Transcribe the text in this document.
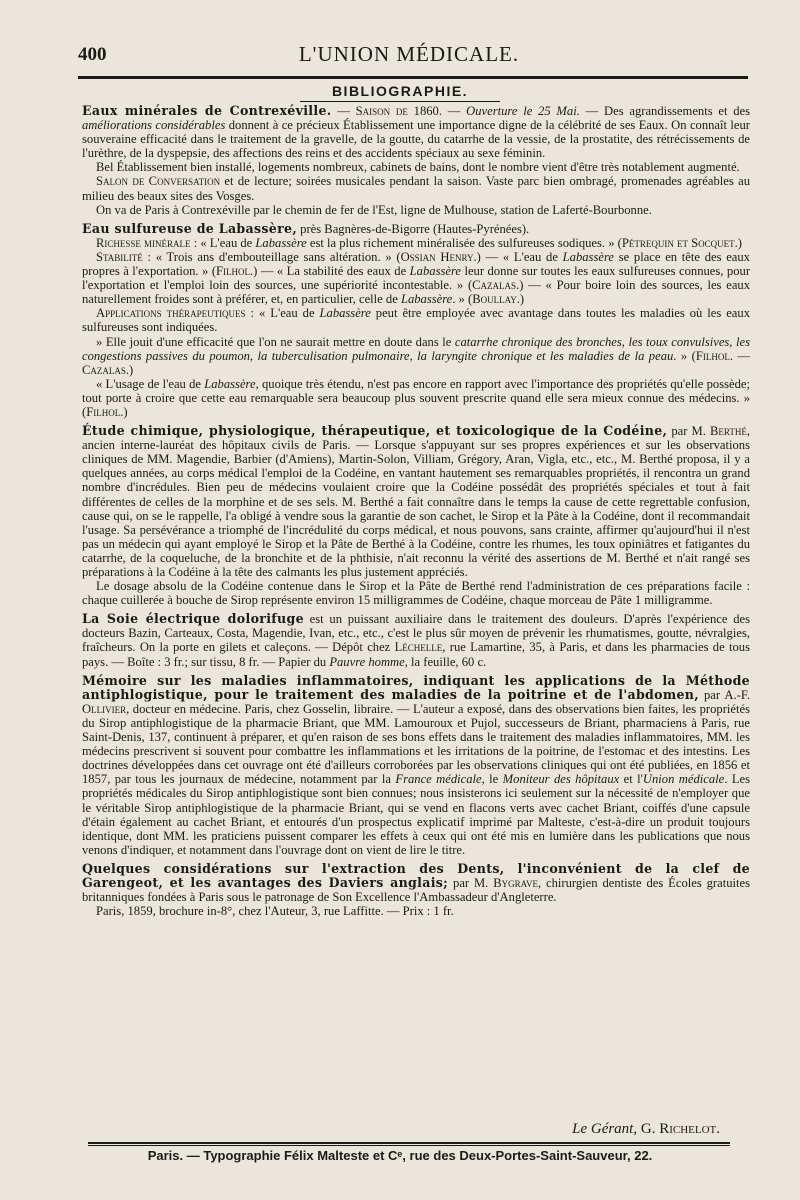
400	L'UNION MÉDICALE.
BIBLIOGRAPHIE.

Eaux minérales de Contrexéville. — Saison de 1860. — Ouverture le 25 Mai. — Des agrandissements et des améliorations considérables donnent à ce précieux Établissement une importance digne de la célébrité de ses Eaux. On connaît leur souveraine efficacité dans le traitement de la gravelle, de la goutte, du catarrhe de la vessie, de la prostatite, des rétrécissements de l'urèthre, de la dyspepsie, des affections des reins et des accidents spéciaux au sexe féminin.

Bel Établissement bien installé, logements nombreux, cabinets de bains, dont le nombre vient d'être très notablement augmenté.

Salon de Conversation et de lecture; soirées musicales pendant la saison. Vaste parc bien ombragé, promenades agréables au milieu des beaux sites des Vosges.

On va de Paris à Contrexéville par le chemin de fer de l'Est, ligne de Mulhouse, station de Laferté-Bourbonne.

Eau sulfureuse de Labassère, près Bagnères-de-Bigorre (Hautes-Pyrénées).

Richesse minérale : « L'eau de Labassère est la plus richement minéralisée des sulfureuses sodiques. » (Pétrequin et Socquet.)

Stabilité : « Trois ans d'embouteillage sans altération. » (Ossian Henry.) — « L'eau de Labassère se place en tête des eaux propres à l'exportation. » (Filhol.) — « La stabilité des eaux de Labassère leur donne sur toutes les eaux sulfureuses connues, pour l'exportation et l'emploi loin des sources, une supériorité incontestable. » (Cazalas.) — « Pour boire loin des sources, les eaux naturellement froides sont à préférer, et, en particulier, celle de Labassère. » (Boullay.)

Applications thérapeutiques : « L'eau de Labassère peut être employée avec avantage dans toutes les maladies où les eaux sulfureuses sont indiquées.

» Elle jouit d'une efficacité que l'on ne saurait mettre en doute dans le catarrhe chronique des bronches, les toux convulsives, les congestions passives du poumon, la tuberculisation pulmonaire, la laryngite chronique et les maladies de la peau. » (Filhol. — Cazalas.)

« L'usage de l'eau de Labassère, quoique très étendu, n'est pas encore en rapport avec l'importance des propriétés qu'elle possède; tout porte à croire que cette eau remarquable sera beaucoup plus souvent prescrite quand elle sera mieux connue des médecins. » (Filhol.)

Étude chimique, physiologique, thérapeutique, et toxicologique de la Codéine, par M. Berthé, ancien interne-lauréat des hôpitaux civils de Paris. — Lorsque s'appuyant sur ses propres expériences et sur les observations cliniques de MM. Magendie, Barbier (d'Amiens), Martin-Solon, Villiam, Grégory, Aran, Vigla, etc., etc., M. Berthé proposa, il y a quelques années, au corps médical l'emploi de la Codéine, en vantant hautement ses remarquables propriétés, il rencontra un grand nombre d'incrédules. Bien peu de médecins voulaient croire que la Codéine possédât des propriétés spéciales et tout à fait différentes de celles de la morphine et de ses sels. M. Berthé a fait connaître dans le temps la cause de cette regrettable confusion, cause qui, on se le rappelle, l'a obligé à vendre sous la garantie de son cachet, le Sirop et la Pâte à la Codéine, dont il recommandait l'usage. Sa persévérance a triomphé de l'incrédulité du corps médical, et nous pouvons, sans crainte, affirmer qu'aujourd'hui il n'est pas un médecin qui ayant employé le Sirop et la Pâte de Berthé à la Codéine, contre les rhumes, les toux opiniâtres et fatigantes du catarrhe, de la coqueluche, de la bronchite et de la phthisie, n'ait reconnu la vérité des assertions de M. Berthé et n'ait rangé ses préparations à la Codéine à la tête des calmants les plus justement appréciés.

Le dosage absolu de la Codéine contenue dans le Sirop et la Pâte de Berthé rend l'administration de ces préparations facile : chaque cuillerée à bouche de Sirop représente environ 15 milligrammes de Codéine, chaque morceau de Pâte 1 milligramme.

La Soie électrique dolorifuge est un puissant auxiliaire dans le traitement des douleurs. D'après l'expérience des docteurs Bazin, Carteaux, Costa, Magendie, Ivan, etc., etc., c'est le plus sûr moyen de prévenir les rhumatismes, goutte, névralgies, fraîcheurs. On la porte en gilets et caleçons. — Dépôt chez Léchelle, rue Lamartine, 35, à Paris, et dans les pharmacies de tous pays. — Boîte : 3 fr.; sur tissu, 8 fr. — Papier du Pauvre homme, la feuille, 60 c.

Mémoire sur les maladies inflammatoires, indiquant les applications de la Méthode antiphlogistique, pour le traitement des maladies de la poitrine et de l'abdomen, par A.-F. Ollivier, docteur en médecine. Paris, chez Gosselin, libraire. — L'auteur a exposé, dans des observations bien faites, les propriétés du Sirop antiphlogistique de la pharmacie Briant, que MM. Lamouroux et Pujol, successeurs de Briant, pharmaciens à Paris, rue Saint-Denis, 137, continuent à préparer, et qu'en raison de ses bons effets dans le traitement des maladies inflammatoires, MM. les médecins prescrivent si souvent pour combattre les inflammations et les irritations de la poitrine, de l'estomac et des intestins. Les doctrines développées dans cet ouvrage ont été d'ailleurs corroborées par les observations cliniques qui ont été publiées, en 1856 et 1857, par tous les journaux de médecine, notamment par la France médicale, le Moniteur des hôpitaux et l'Union médicale. Les propriétés médicales du Sirop antiphlogistique sont bien connues; nous insisterons ici seulement sur la nécessité de n'employer que le véritable Sirop antiphlogistique de la pharmacie Briant, qui se vend en flacons verts avec cachet Briant, coiffés d'une capsule d'étain également au cachet Briant, et entourés d'un prospectus explicatif imprimé par Malteste, c'est-à-dire un produit toujours identique, dont MM. les praticiens puissent comparer les effets à ceux qui ont été mis en lumière dans les publications que nous venons d'indiquer, et notamment dans l'ouvrage dont on vient de lire le titre.

Quelques considérations sur l'extraction des Dents, l'inconvénient de la clef de Garengeot, et les avantages des Daviers anglais; par M. Bygrave, chirurgien dentiste des Écoles gratuites britanniques fondées à Paris sous le patronage de Son Excellence l'Ambassadeur d'Angleterre.

Paris, 1859, brochure in-8°, chez l'Auteur, 3, rue Laffitte. — Prix : 1 fr.

Le Gérant, G. Richelot.
Paris. — Typographie Félix Malteste et Cᵉ, rue des Deux-Portes-Saint-Sauveur, 22.
